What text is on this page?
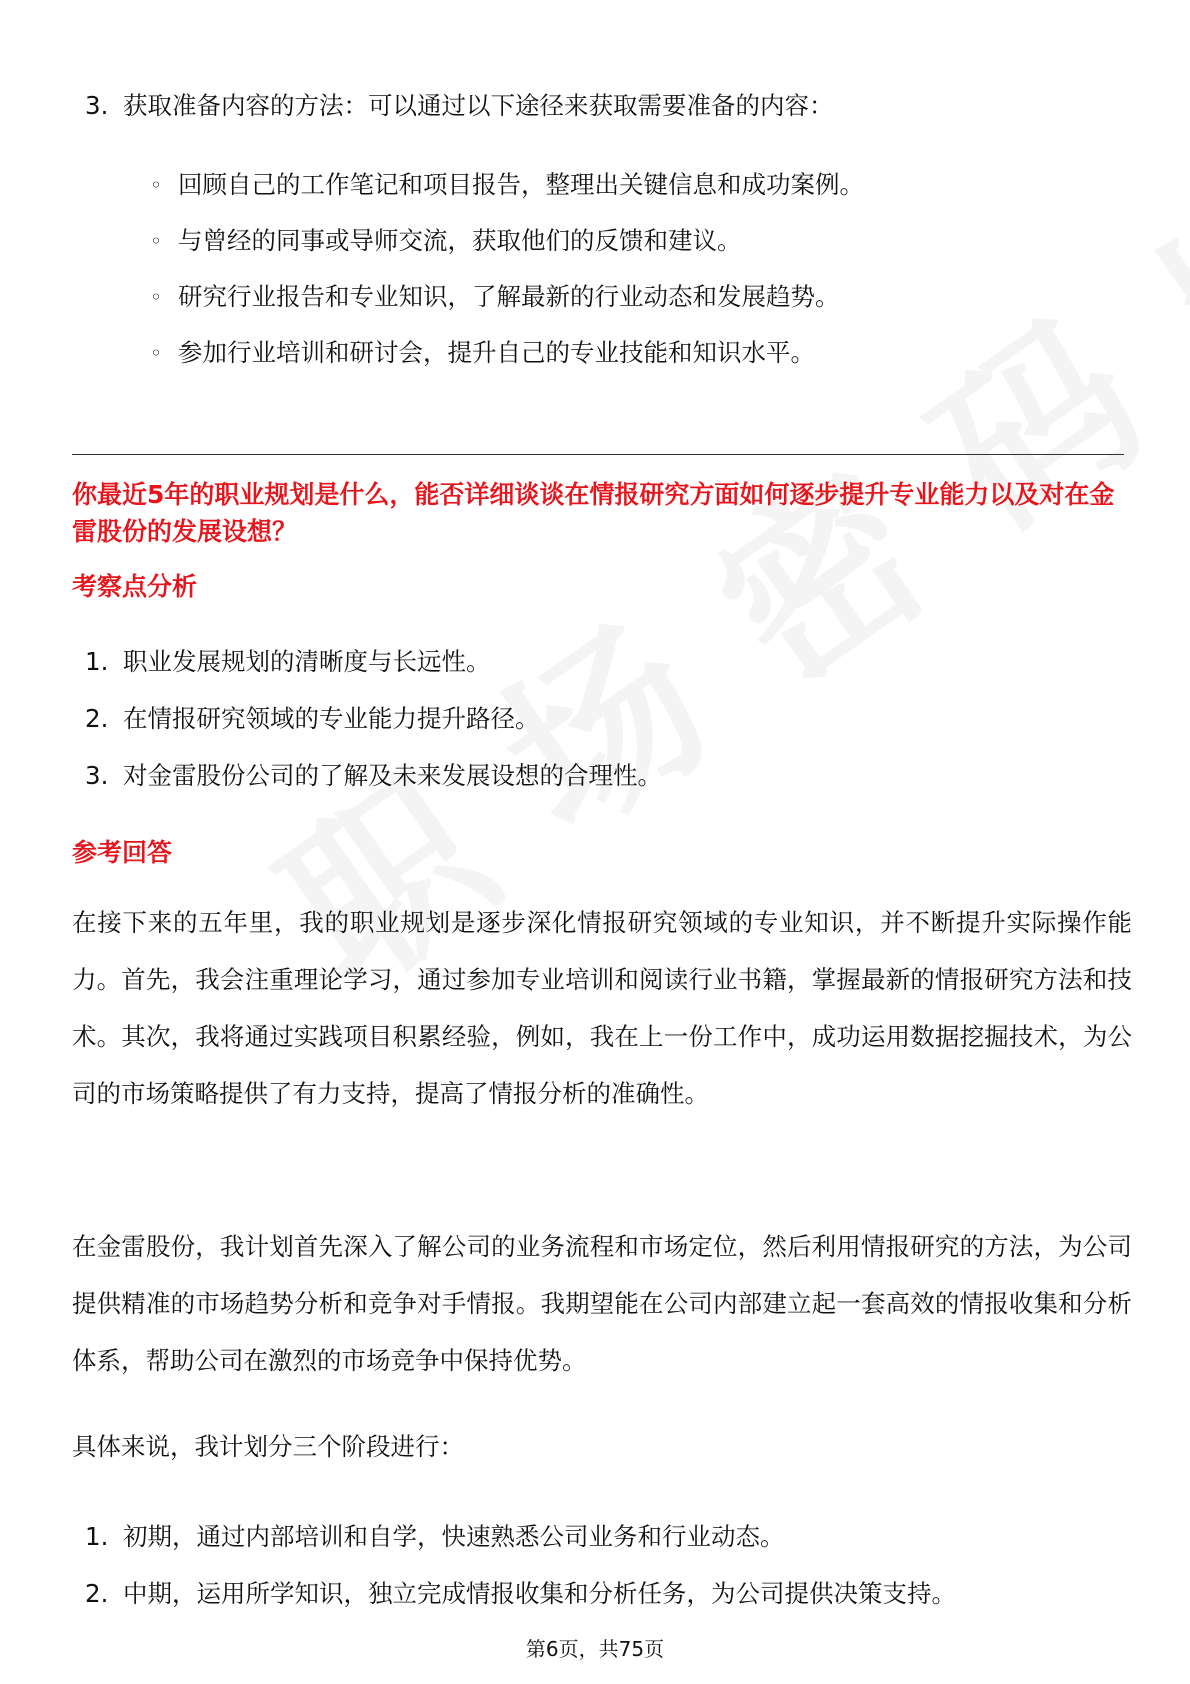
3. 获取准备内容的方法：可以通过以下途径来获取需要准备的内容：
◦ 回顾自己的工作笔记和项目报告，整理出关键信息和成功案例。
◦ 与曾经的同事或导师交流，获取他们的反馈和建议。
◦ 研究行业报告和专业知识，了解最新的行业动态和发展趋势。
◦ 参加行业培训和研讨会，提升自己的专业技能和知识水平。
你最近5年的职业规划是什么，能否详细谈谈在情报研究方面如何逐步提升专业能力以及对在金雷股份的发展设想？
考察点分析
1. 职业发展规划的清晰度与长远性。
2. 在情报研究领域的专业能力提升路径。
3. 对金雷股份公司的了解及未来发展设想的合理性。
参考回答
在接下来的五年里，我的职业规划是逐步深化情报研究领域的专业知识，并不断提升实际操作能力。首先，我会注重理论学习，通过参加专业培训和阅读行业书籍，掌握最新的情报研究方法和技术。其次，我将通过实践项目积累经验，例如，我在上一份工作中，成功运用数据挖掘技术，为公司的市场策略提供了有力支持，提高了情报分析的准确性。
在金雷股份，我计划首先深入了解公司的业务流程和市场定位，然后利用情报研究的方法，为公司提供精准的市场趋势分析和竞争对手情报。我期望能在公司内部建立起一套高效的情报收集和分析体系，帮助公司在激烈的市场竞争中保持优势。
具体来说，我计划分三个阶段进行：
1. 初期，通过内部培训和自学，快速熟悉公司业务和行业动态。
2. 中期，运用所学知识，独立完成情报收集和分析任务，为公司提供决策支持。
第6页，共75页
